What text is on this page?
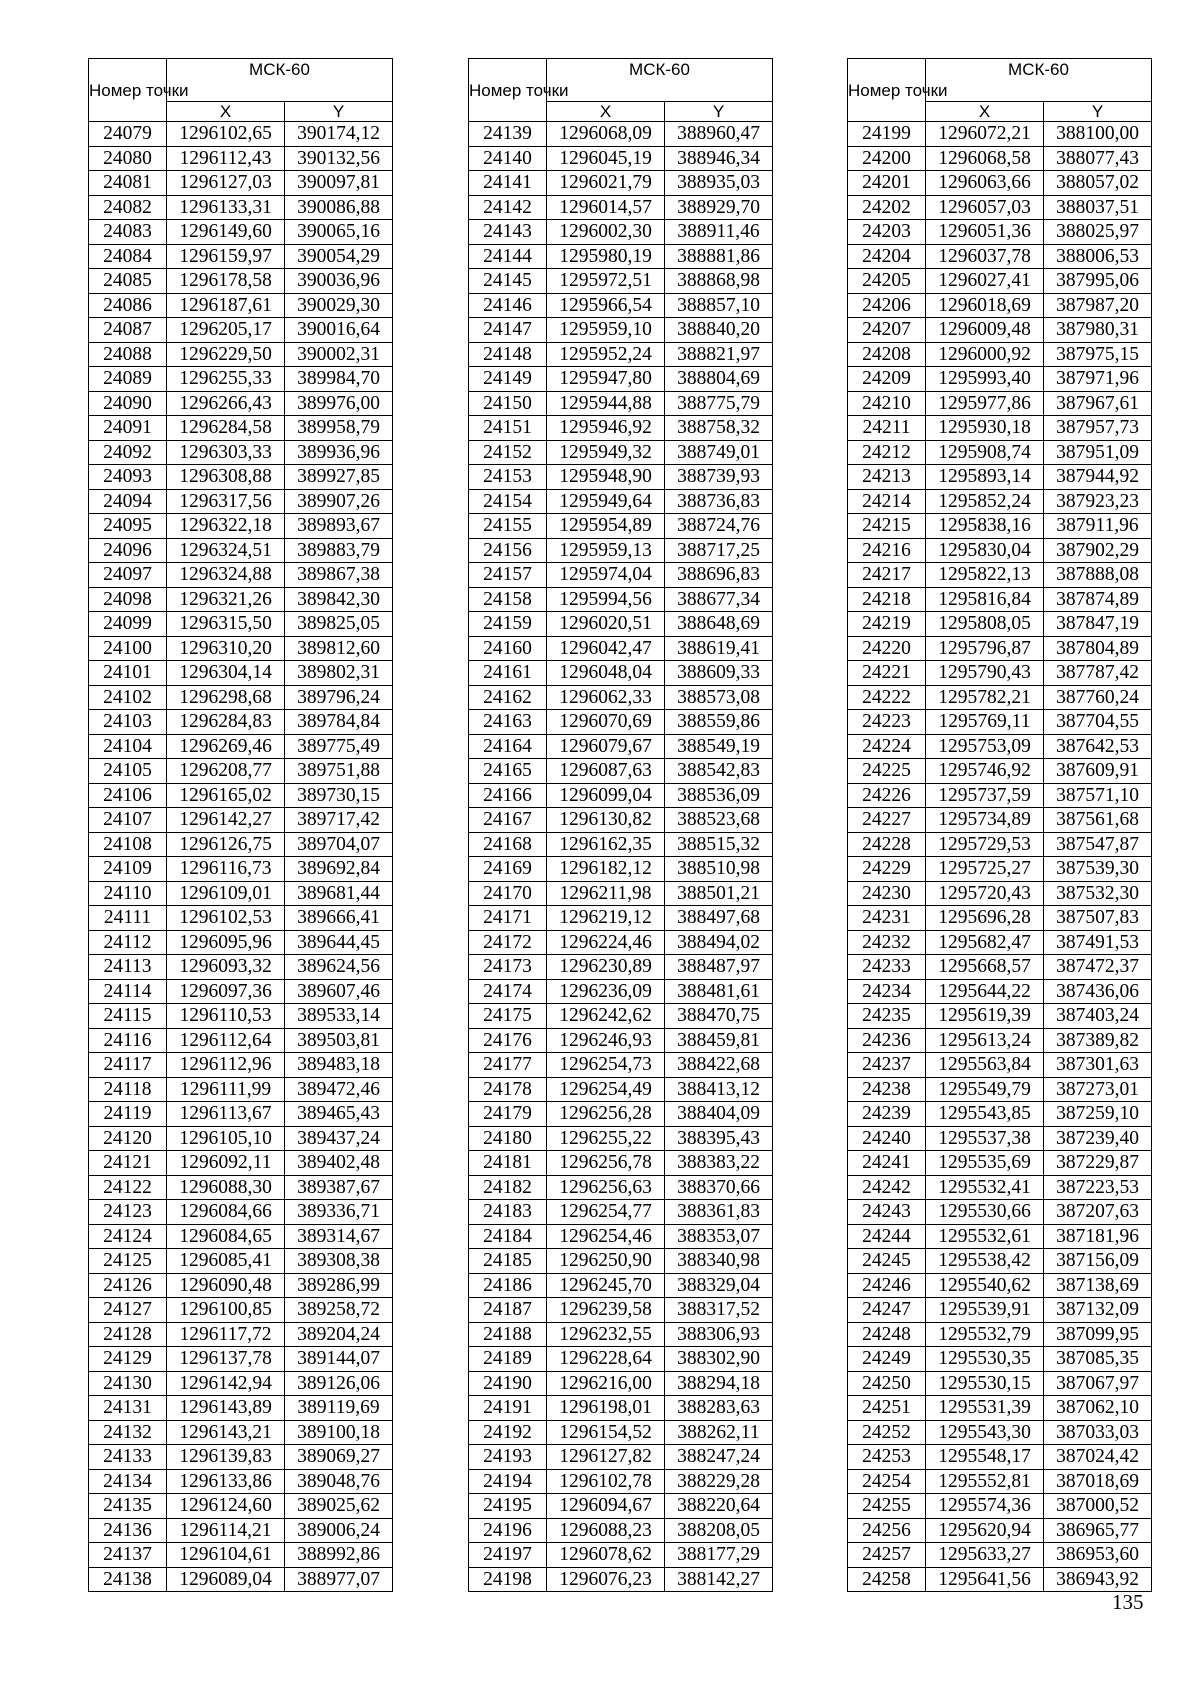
Номер точки	МСК-60	
	X	Y
24079	1296102,65	390174,12
24080	1296112,43	390132,56
24081	1296127,03	390097,81
24082	1296133,31	390086,88
24083	1296149,60	390065,16
24084	1296159,97	390054,29
24085	1296178,58	390036,96
24086	1296187,61	390029,30
24087	1296205,17	390016,64
24088	1296229,50	390002,31
24089	1296255,33	389984,70
24090	1296266,43	389976,00
24091	1296284,58	389958,79
24092	1296303,33	389936,96
24093	1296308,88	389927,85
24094	1296317,56	389907,26
24095	1296322,18	389893,67
24096	1296324,51	389883,79
24097	1296324,88	389867,38
24098	1296321,26	389842,30
24099	1296315,50	389825,05
24100	1296310,20	389812,60
24101	1296304,14	389802,31
24102	1296298,68	389796,24
24103	1296284,83	389784,84
24104	1296269,46	389775,49
24105	1296208,77	389751,88
24106	1296165,02	389730,15
24107	1296142,27	389717,42
24108	1296126,75	389704,07
24109	1296116,73	389692,84
24110	1296109,01	389681,44
24111	1296102,53	389666,41
24112	1296095,96	389644,45
24113	1296093,32	389624,56
24114	1296097,36	389607,46
24115	1296110,53	389533,14
24116	1296112,64	389503,81
24117	1296112,96	389483,18
24118	1296111,99	389472,46
24119	1296113,67	389465,43
24120	1296105,10	389437,24
24121	1296092,11	389402,48
24122	1296088,30	389387,67
24123	1296084,66	389336,71
24124	1296084,65	389314,67
24125	1296085,41	389308,38
24126	1296090,48	389286,99
24127	1296100,85	389258,72
24128	1296117,72	389204,24
24129	1296137,78	389144,07
24130	1296142,94	389126,06
24131	1296143,89	389119,69
24132	1296143,21	389100,18
24133	1296139,83	389069,27
24134	1296133,86	389048,76
24135	1296124,60	389025,62
24136	1296114,21	389006,24
24137	1296104,61	388992,86
24138	1296089,04	388977,07
Номер точки	МСК-60	
	X	Y
24139	1296068,09	388960,47
24140	1296045,19	388946,34
24141	1296021,79	388935,03
24142	1296014,57	388929,70
24143	1296002,30	388911,46
24144	1295980,19	388881,86
24145	1295972,51	388868,98
24146	1295966,54	388857,10
24147	1295959,10	388840,20
24148	1295952,24	388821,97
24149	1295947,80	388804,69
24150	1295944,88	388775,79
24151	1295946,92	388758,32
24152	1295949,32	388749,01
24153	1295948,90	388739,93
24154	1295949,64	388736,83
24155	1295954,89	388724,76
24156	1295959,13	388717,25
24157	1295974,04	388696,83
24158	1295994,56	388677,34
24159	1296020,51	388648,69
24160	1296042,47	388619,41
24161	1296048,04	388609,33
24162	1296062,33	388573,08
24163	1296070,69	388559,86
24164	1296079,67	388549,19
24165	1296087,63	388542,83
24166	1296099,04	388536,09
24167	1296130,82	388523,68
24168	1296162,35	388515,32
24169	1296182,12	388510,98
24170	1296211,98	388501,21
24171	1296219,12	388497,68
24172	1296224,46	388494,02
24173	1296230,89	388487,97
24174	1296236,09	388481,61
24175	1296242,62	388470,75
24176	1296246,93	388459,81
24177	1296254,73	388422,68
24178	1296254,49	388413,12
24179	1296256,28	388404,09
24180	1296255,22	388395,43
24181	1296256,78	388383,22
24182	1296256,63	388370,66
24183	1296254,77	388361,83
24184	1296254,46	388353,07
24185	1296250,90	388340,98
24186	1296245,70	388329,04
24187	1296239,58	388317,52
24188	1296232,55	388306,93
24189	1296228,64	388302,90
24190	1296216,00	388294,18
24191	1296198,01	388283,63
24192	1296154,52	388262,11
24193	1296127,82	388247,24
24194	1296102,78	388229,28
24195	1296094,67	388220,64
24196	1296088,23	388208,05
24197	1296078,62	388177,29
24198	1296076,23	388142,27
Номер точки	МСК-60	
	X	Y
24199	1296072,21	388100,00
24200	1296068,58	388077,43
24201	1296063,66	388057,02
24202	1296057,03	388037,51
24203	1296051,36	388025,97
24204	1296037,78	388006,53
24205	1296027,41	387995,06
24206	1296018,69	387987,20
24207	1296009,48	387980,31
24208	1296000,92	387975,15
24209	1295993,40	387971,96
24210	1295977,86	387967,61
24211	1295930,18	387957,73
24212	1295908,74	387951,09
24213	1295893,14	387944,92
24214	1295852,24	387923,23
24215	1295838,16	387911,96
24216	1295830,04	387902,29
24217	1295822,13	387888,08
24218	1295816,84	387874,89
24219	1295808,05	387847,19
24220	1295796,87	387804,89
24221	1295790,43	387787,42
24222	1295782,21	387760,24
24223	1295769,11	387704,55
24224	1295753,09	387642,53
24225	1295746,92	387609,91
24226	1295737,59	387571,10
24227	1295734,89	387561,68
24228	1295729,53	387547,87
24229	1295725,27	387539,30
24230	1295720,43	387532,30
24231	1295696,28	387507,83
24232	1295682,47	387491,53
24233	1295668,57	387472,37
24234	1295644,22	387436,06
24235	1295619,39	387403,24
24236	1295613,24	387389,82
24237	1295563,84	387301,63
24238	1295549,79	387273,01
24239	1295543,85	387259,10
24240	1295537,38	387239,40
24241	1295535,69	387229,87
24242	1295532,41	387223,53
24243	1295530,66	387207,63
24244	1295532,61	387181,96
24245	1295538,42	387156,09
24246	1295540,62	387138,69
24247	1295539,91	387132,09
24248	1295532,79	387099,95
24249	1295530,35	387085,35
24250	1295530,15	387067,97
24251	1295531,39	387062,10
24252	1295543,30	387033,03
24253	1295548,17	387024,42
24254	1295552,81	387018,69
24255	1295574,36	387000,52
24256	1295620,94	386965,77
24257	1295633,27	386953,60
24258	1295641,56	386943,92
135
